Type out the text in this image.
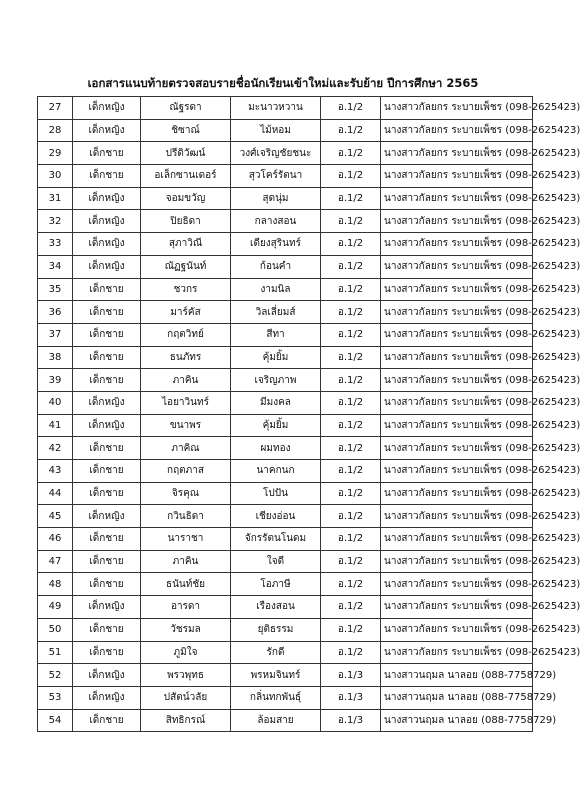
เอกสารแนบท้ายตรวจสอบรายชื่อนักเรียนเข้าใหม่และรับย้าย ปีการศึกษา 2565
27	เด็กหญิง	ณัฐรดา	มะนาวหวาน	อ.1/2	นางสาวกัลยกร ระบายเพ็ชร (098-2625423)
28	เด็กหญิง	ชิซาณ์	ไม้หอม	อ.1/2	นางสาวกัลยกร ระบายเพ็ชร (098-2625423)
29	เด็กชาย	ปรีดิวัฒน์	วงศ์เจริญชัยชนะ	อ.1/2	นางสาวกัลยกร ระบายเพ็ชร (098-2625423)
30	เด็กชาย	อเล็กซานเดอร์	สุวโคร์รัตนา	อ.1/2	นางสาวกัลยกร ระบายเพ็ชร (098-2625423)
31	เด็กหญิง	จอมขวัญ	สุดนุ่ม	อ.1/2	นางสาวกัลยกร ระบายเพ็ชร (098-2625423)
32	เด็กหญิง	ปิยธิดา	กลางสอน	อ.1/2	นางสาวกัลยกร ระบายเพ็ชร (098-2625423)
33	เด็กหญิง	สุภาวิณี	เดียงสุรินทร์	อ.1/2	นางสาวกัลยกร ระบายเพ็ชร (098-2625423)
34	เด็กหญิง	ณัฏฐนันท์	ก้อนคำ	อ.1/2	นางสาวกัลยกร ระบายเพ็ชร (098-2625423)
35	เด็กชาย	ชวกร	งามนิล	อ.1/2	นางสาวกัลยกร ระบายเพ็ชร (098-2625423)
36	เด็กชาย	มาร์คัส	วิลเลี่ยมส์	อ.1/2	นางสาวกัลยกร ระบายเพ็ชร (098-2625423)
37	เด็กชาย	กฤตวิทย์	สีทา	อ.1/2	นางสาวกัลยกร ระบายเพ็ชร (098-2625423)
38	เด็กชาย	ธนภัทร	คุ้มยิ้ม	อ.1/2	นางสาวกัลยกร ระบายเพ็ชร (098-2625423)
39	เด็กชาย	ภาคิน	เจริญภาพ	อ.1/2	นางสาวกัลยกร ระบายเพ็ชร (098-2625423)
40	เด็กหญิง	ไอยาวินทร์	มีมงคล	อ.1/2	นางสาวกัลยกร ระบายเพ็ชร (098-2625423)
41	เด็กหญิง	ขนาพร	คุ้มยิ้ม	อ.1/2	นางสาวกัลยกร ระบายเพ็ชร (098-2625423)
42	เด็กชาย	ภาคิณ	ผมทอง	อ.1/2	นางสาวกัลยกร ระบายเพ็ชร (098-2625423)
43	เด็กชาย	กฤตภาส	นาคกนก	อ.1/2	นางสาวกัลยกร ระบายเพ็ชร (098-2625423)
44	เด็กชาย	จิรคุณ	โปปัน	อ.1/2	นางสาวกัลยกร ระบายเพ็ชร (098-2625423)
45	เด็กหญิง	กวินธิดา	เชียงอ่อน	อ.1/2	นางสาวกัลยกร ระบายเพ็ชร (098-2625423)
46	เด็กชาย	นาราชา	จักรรัตนโนดม	อ.1/2	นางสาวกัลยกร ระบายเพ็ชร (098-2625423)
47	เด็กชาย	ภาคิน	ใจดี	อ.1/2	นางสาวกัลยกร ระบายเพ็ชร (098-2625423)
48	เด็กชาย	ธนันท์ชัย	โอภาษี	อ.1/2	นางสาวกัลยกร ระบายเพ็ชร (098-2625423)
49	เด็กหญิง	อารดา	เรืองสอน	อ.1/2	นางสาวกัลยกร ระบายเพ็ชร (098-2625423)
50	เด็กชาย	วัชรมล	ยุติธรรม	อ.1/2	นางสาวกัลยกร ระบายเพ็ชร (098-2625423)
51	เด็กชาย	ภูมิใจ	รักดี	อ.1/2	นางสาวกัลยกร ระบายเพ็ชร (098-2625423)
52	เด็กหญิง	พรวพุทธ	พรหมจินทร์	อ.1/3	นางสาวนฤมล นาลอย (088-7758729)
53	เด็กหญิง	ปสัตน์วลัย	กลิ่นทกพันธุ์	อ.1/3	นางสาวนฤมล นาลอย (088-7758729)
54	เด็กชาย	สิทธิกรณ์	ล้อมสาย	อ.1/3	นางสาวนฤมล นาลอย (088-7758729)
